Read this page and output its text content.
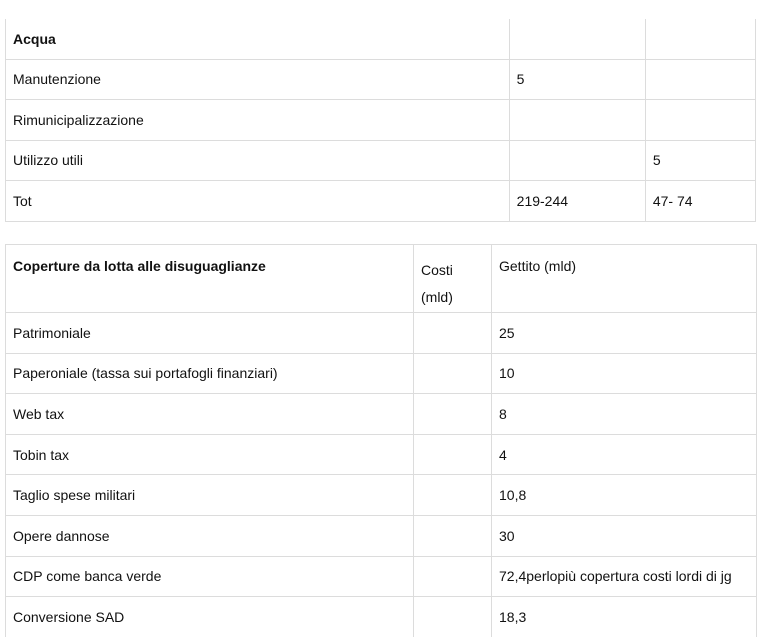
Acqua		
Manutenzione	5	
Rimunicipalizzazione		
Utilizzo utili		5
Tot	219-244	47- 74
Coperture da lotta alle disuguaglianze	Costi (mld)	Gettito (mld)
Patrimoniale		25
Paperoniale (tassa sui portafogli finanziari)		10
Web tax		8
Tobin tax		4
Taglio spese militari		10,8
Opere dannose		30
CDP come banca verde		72,4perlopiù copertura costi lordi di jg
Conversione SAD		18,3
